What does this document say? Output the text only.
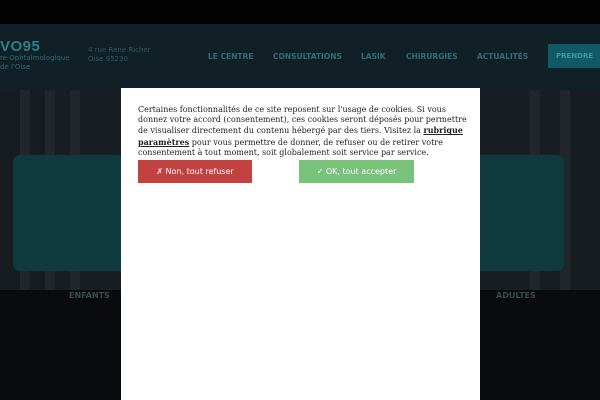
VO95
re Ophtalmologique de l'Oise
4 rue Rene Richer Oise 95230	LE CENTRE	CONSULTATIONS	LASIK	CHIRURGIES	ACTUALITÉS	PRENDRE
ENFANTS	ADULTES
Certaines fonctionnalités de ce site reposent sur l'usage de cookies. Si vous donnez votre accord (consentement), ces cookies seront déposés pour permettre de visualiser directement du contenu hébergé par des tiers. Visitez la rubrique paramètres pour vous permettre de donner, de refuser ou de retirer votre consentement à tout moment, soit globalement soit service par service.
✗ Non, tout refuser	✓ OK, tout accepter
